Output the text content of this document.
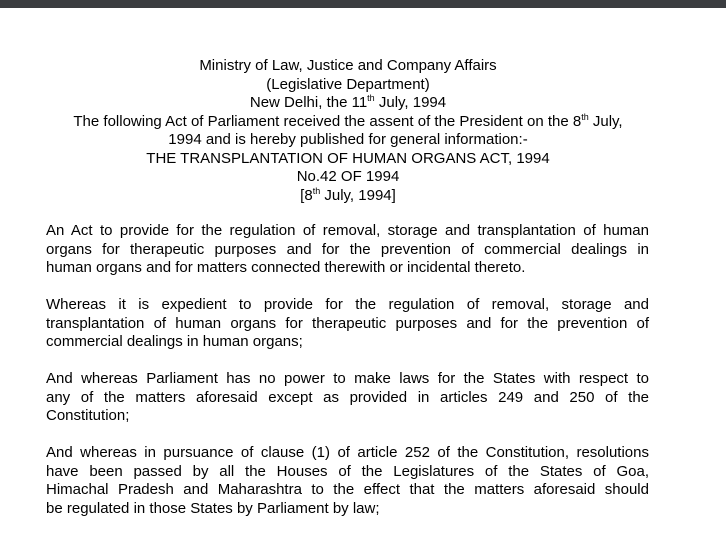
Ministry of Law, Justice and Company Affairs
(Legislative Department)
New Delhi, the 11th July, 1994
The following Act of Parliament received the assent of the President on the 8th July,
1994 and is hereby published for general information:-
THE TRANSPLANTATION OF HUMAN ORGANS ACT, 1994
No.42 OF 1994
[8th July, 1994]
An Act to provide for the regulation of removal, storage and transplantation of human
organs for therapeutic purposes and for the prevention of commercial dealings in
human organs and for matters connected therewith or incidental thereto.
Whereas it is expedient to provide for the regulation of removal, storage and
transplantation of human organs for therapeutic purposes and for the prevention of
commercial dealings in human organs;
And whereas Parliament has no power to make laws for the States with respect to
any of the matters aforesaid except as provided in articles 249 and 250 of the
Constitution;
And whereas in pursuance of clause (1) of article 252 of the Constitution, resolutions
have been passed by all the Houses of the Legislatures of the States of Goa,
Himachal Pradesh and Maharashtra to the effect that the matters aforesaid should
be regulated in those States by Parliament by law;
